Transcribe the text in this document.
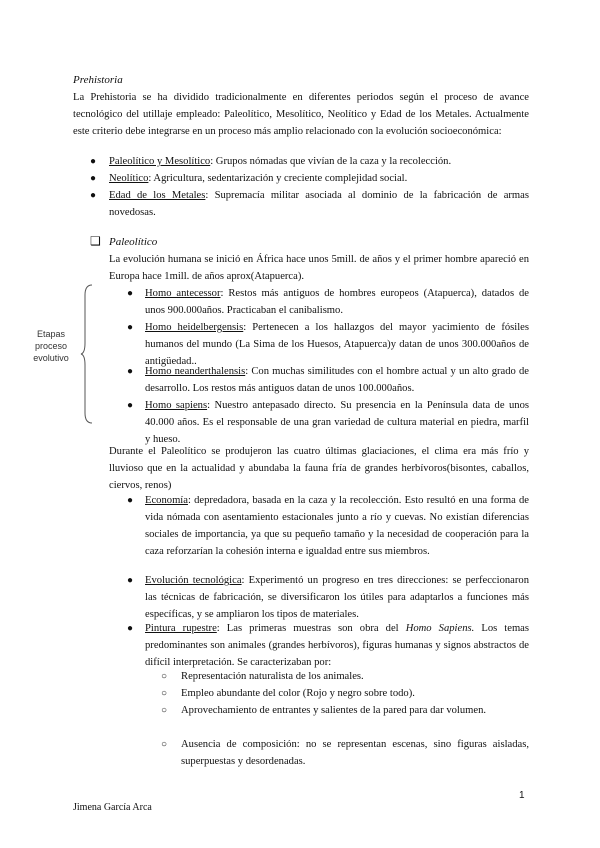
Prehistoria
La Prehistoria se ha dividido tradicionalmente en diferentes periodos según el proceso de avance tecnológico del utillaje empleado: Paleolítico, Mesolítico, Neolítico y Edad de los Metales. Actualmente este criterio debe integrarse en un proceso más amplio relacionado con la evolución socioeconómica:
● Paleolítico y Mesolítico: Grupos nómadas que vivían de la caza y la recolección.
● Neolítico: Agricultura, sedentarización y creciente complejidad social.
● Edad de los Metales: Supremacía militar asociada al dominio de la fabricación de armas novedosas.
❑ Paleolítico
La evolución humana se inició en África hace unos 5mill. de años y el primer hombre apareció en Europa hace 1mill. de años aprox(Atapuerca).
Etapas proceso evolutivo
● Homo antecessor: Restos más antiguos de hombres europeos (Atapuerca), datados de unos 900.000años. Practicaban el canibalismo.
● Homo heidelbergensis: Pertenecen a los hallazgos del mayor yacimiento de fósiles humanos del mundo (La Sima de los Huesos, Atapuerca)y datan de unos 300.000años de antigüedad..
● Homo neanderthalensis: Con muchas similitudes con el hombre actual y un alto grado de desarrollo. Los restos más antiguos datan de unos 100.000años.
● Homo sapiens: Nuestro antepasado directo. Su presencia en la Península data de unos 40.000 años. Es el responsable de una gran variedad de cultura material en piedra, marfil y hueso.
Durante el Paleolítico se produjeron las cuatro últimas glaciaciones, el clima era más frío y lluvioso que en la actualidad y abundaba la fauna fría de grandes herbívoros(bisontes, caballos, ciervos, renos)
● Economía: depredadora, basada en la caza y la recolección. Esto resultó en una forma de vida nómada con asentamiento estacionales junto a río y cuevas. No existían diferencias sociales de importancia, ya que su pequeño tamaño y la necesidad de cooperación para la caza reforzarían la cohesión interna e igualdad entre sus miembros.
● Evolución tecnológica: Experimentó un progreso en tres direcciones: se perfeccionaron las técnicas de fabricación, se diversificaron los útiles para adaptarlos a funciones más específicas, y se ampliaron los tipos de materiales.
● Pintura rupestre: Las primeras muestras son obra del Homo Sapiens. Los temas predominantes son animales (grandes herbívoros), figuras humanas y signos abstractos de difícil interpretación. Se caracterizaban por:
○ Representación naturalista de los animales.
○ Empleo abundante del color (Rojo y negro sobre todo).
○ Aprovechamiento de entrantes y salientes de la pared para dar volumen.
○ Ausencia de composición: no se representan escenas, sino figuras aisladas, superpuestas y desordenadas.
1
Jimena García Arca
